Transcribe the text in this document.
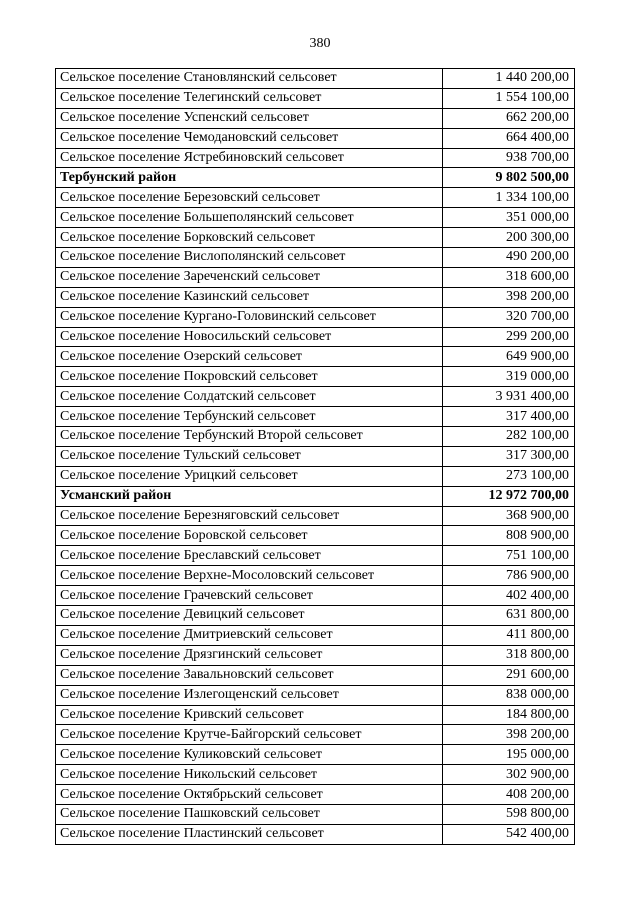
380
Сельское поселение Становлянский сельсовет	1 440 200,00
Сельское поселение Телегинский сельсовет	1 554 100,00
Сельское поселение Успенский сельсовет	662 200,00
Сельское поселение Чемодановский сельсовет	664 400,00
Сельское поселение Ястребиновский сельсовет	938 700,00
Тербунский район	9 802 500,00
Сельское поселение Березовский сельсовет	1 334 100,00
Сельское поселение Большеполянский сельсовет	351 000,00
Сельское поселение Борковский сельсовет	200 300,00
Сельское поселение Вислополянский сельсовет	490 200,00
Сельское поселение Зареченский сельсовет	318 600,00
Сельское поселение Казинский сельсовет	398 200,00
Сельское поселение Кургано-Головинский сельсовет	320 700,00
Сельское поселение Новосильский сельсовет	299 200,00
Сельское поселение Озерский сельсовет	649 900,00
Сельское поселение Покровский сельсовет	319 000,00
Сельское поселение Солдатский сельсовет	3 931 400,00
Сельское поселение Тербунский сельсовет	317 400,00
Сельское поселение Тербунский Второй сельсовет	282 100,00
Сельское поселение Тульский сельсовет	317 300,00
Сельское поселение Урицкий сельсовет	273 100,00
Усманский район	12 972 700,00
Сельское поселение Березняговский сельсовет	368 900,00
Сельское поселение Боровской сельсовет	808 900,00
Сельское поселение Бреславский сельсовет	751 100,00
Сельское поселение Верхне-Мосоловский сельсовет	786 900,00
Сельское поселение Грачевский сельсовет	402 400,00
Сельское поселение Девицкий сельсовет	631 800,00
Сельское поселение Дмитриевский сельсовет	411 800,00
Сельское поселение Дрязгинский сельсовет	318 800,00
Сельское поселение Завальновский сельсовет	291 600,00
Сельское поселение Излегощенский сельсовет	838 000,00
Сельское поселение Кривский сельсовет	184 800,00
Сельское поселение Крутче-Байгорский сельсовет	398 200,00
Сельское поселение Куликовский сельсовет	195 000,00
Сельское поселение Никольский сельсовет	302 900,00
Сельское поселение Октябрьский сельсовет	408 200,00
Сельское поселение Пашковский сельсовет	598 800,00
Сельское поселение Пластинский сельсовет	542 400,00
